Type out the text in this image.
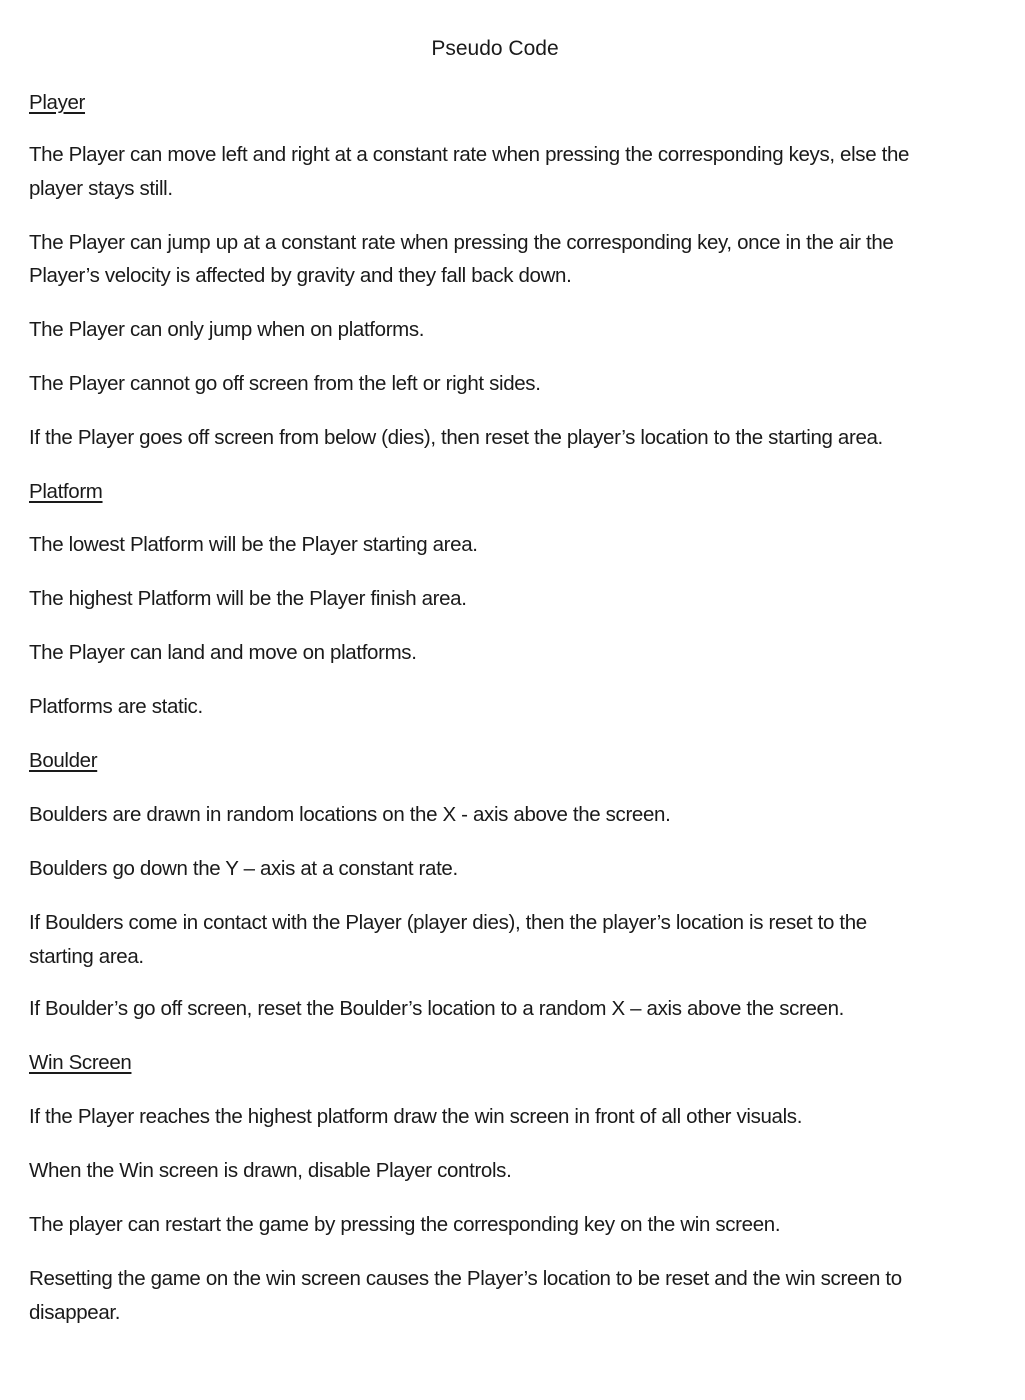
Pseudo Code
Player
The Player can move left and right at a constant rate when pressing the corresponding keys, else the
player stays still.
The Player can jump up at a constant rate when pressing the corresponding key, once in the air the
Player’s velocity is affected by gravity and they fall back down.
The Player can only jump when on platforms.
The Player cannot go off screen from the left or right sides.
If the Player goes off screen from below (dies), then reset the player’s location to the starting area.
Platform
The lowest Platform will be the Player starting area.
The highest Platform will be the Player finish area.
The Player can land and move on platforms.
Platforms are static.
Boulder
Boulders are drawn in random locations on the X - axis above the screen.
Boulders go down the Y – axis at a constant rate.
If Boulders come in contact with the Player (player dies), then the player’s location is reset to the
starting area.
If Boulder’s go off screen, reset the Boulder’s location to a random X – axis above the screen.
Win Screen
If the Player reaches the highest platform draw the win screen in front of all other visuals.
When the Win screen is drawn, disable Player controls.
The player can restart the game by pressing the corresponding key on the win screen.
Resetting the game on the win screen causes the Player’s location to be reset and the win screen to
disappear.
